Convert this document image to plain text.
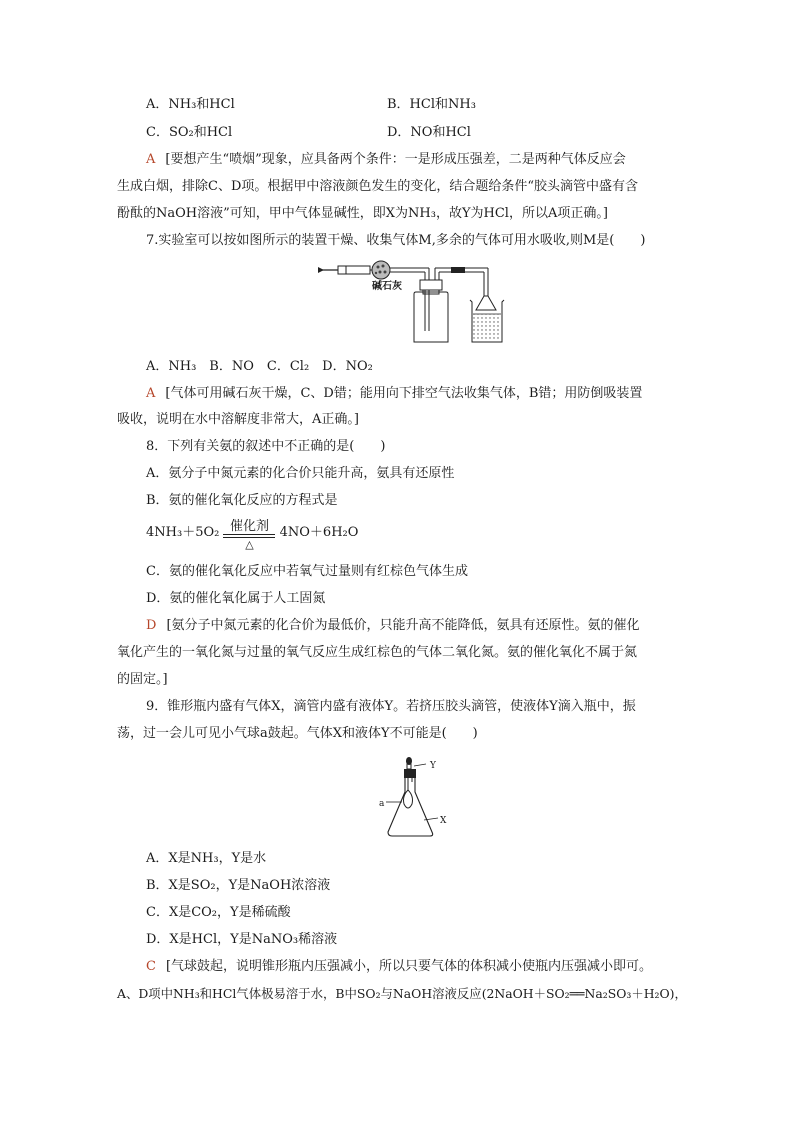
A．NH₃和HCl	B．HCl和NH₃
C．SO₂和HCl	D．NO和HCl
A [要想产生“喷烟”现象，应具备两个条件：一是形成压强差，二是两种气体反应会
生成白烟，排除C、D项。根据甲中溶液颜色发生的变化，结合题给条件“胶头滴管中盛有含
酚酞的NaOH溶液”可知，甲中气体显碱性，即X为NH₃，故Y为HCl，所以A项正确。]
7.实验室可以按如图所示的装置干燥、收集气体M,多余的气体可用水吸收,则M是(　　)
碱石灰
A．NH₃　B．NO　C．Cl₂　D．NO₂
A [气体可用碱石灰干燥，C、D错；能用向下排空气法收集气体，B错；用防倒吸装置
吸收，说明在水中溶解度非常大，A正确。]
8．下列有关氨的叙述中不正确的是(　　)
A．氨分子中氮元素的化合价只能升高，氨具有还原性
B．氨的催化氧化反应的方程式是
4NH₃＋5O₂ 催化剂
△
4NO＋6H₂O
C．氨的催化氧化反应中若氧气过量则有红棕色气体生成
D．氨的催化氧化属于人工固氮
D [氨分子中氮元素的化合价为最低价，只能升高不能降低，氨具有还原性。氨的催化
氧化产生的一氧化氮与过量的氧气反应生成红棕色的气体二氧化氮。氨的催化氧化不属于氮
的固定。]
9．锥形瓶内盛有气体X，滴管内盛有液体Y。若挤压胶头滴管，使液体Y滴入瓶中，振
荡，过一会儿可见小气球a鼓起。气体X和液体Y不可能是(　　)
Y
a
X
A．X是NH₃，Y是水
B．X是SO₂，Y是NaOH浓溶液
C．X是CO₂，Y是稀硫酸
D．X是HCl，Y是NaNO₃稀溶液
C [气球鼓起，说明锥形瓶内压强减小，所以只要气体的体积减小使瓶内压强减小即可。
A、D项中NH₃和HCl气体极易溶于水，B中SO₂与NaOH溶液反应(2NaOH＋SO₂══Na₂SO₃＋H₂O)，
